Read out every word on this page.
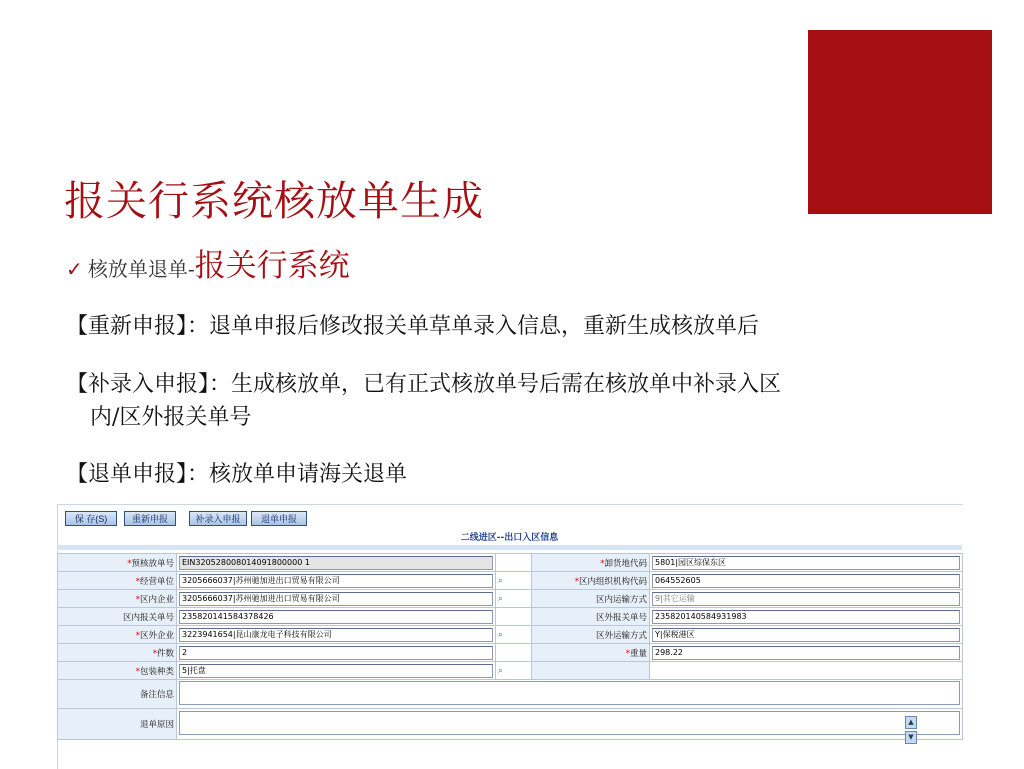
报关行系统核放单生成
✓ 核放单退单-报关行系统
【重新申报】：退单申报后修改报关单草单录入信息，重新生成核放单后
【补录入申报】：生成核放单，已有正式核放单号后需在核放单中补录入区
内/区外报关单号
【退单申报】：核放单申请海关退单
保 存(S)	重新申报	补录入申报	退单申报
二线进区--出口入区信息
*预核放单号	EIN320528008014091800000 1		*卸货地代码	5801|园区综保东区
*经营单位	3205666037|苏州驰加进出口贸易有限公司	⌕	*区内组织机构代码	064552605
*区内企业	3205666037|苏州驰加进出口贸易有限公司	⌕	区内运输方式	9|其它运输
区内报关单号	235820141584378426		区外报关单号	235820140584931983
*区外企业	3223941654|昆山康龙电子科技有限公司	⌕	区外运输方式	Y|保税港区
*件数	2		*重量	298.22
*包装种类	5|托盘	⌕		
备注信息	
退单原因		▲
▼
